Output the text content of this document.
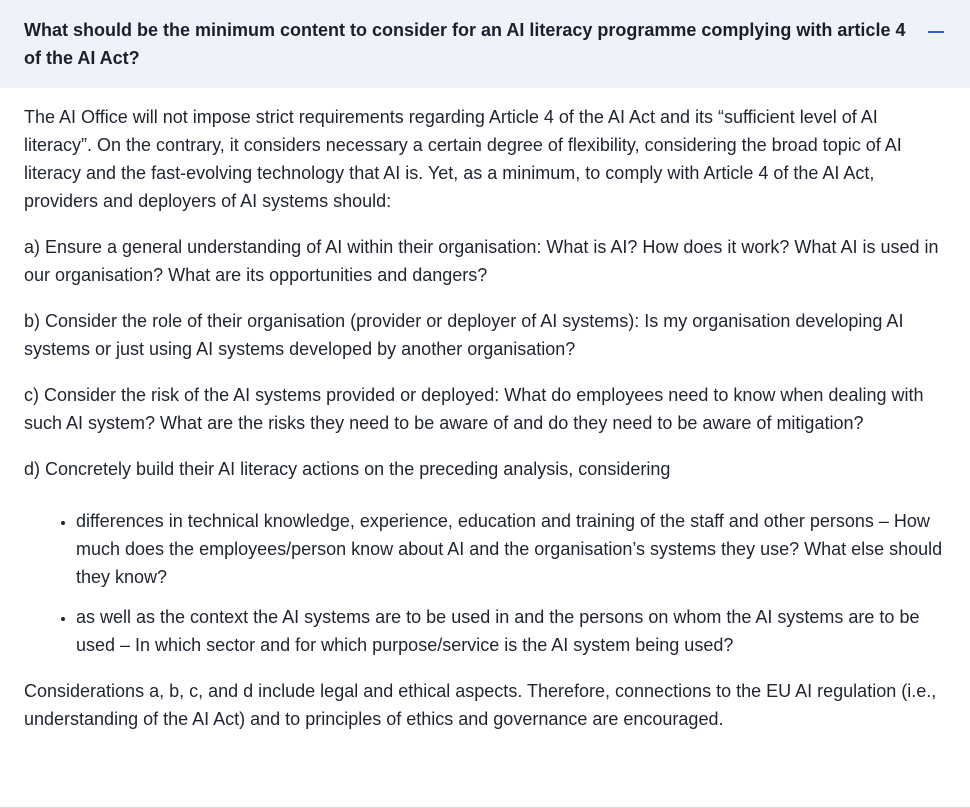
What should be the minimum content to consider for an AI literacy programme complying with article 4 of the AI Act?

The AI Office will not impose strict requirements regarding Article 4 of the AI Act and its “sufficient level of AI literacy”. On the contrary, it considers necessary a certain degree of flexibility, considering the broad topic of AI literacy and the fast-evolving technology that AI is. Yet, as a minimum, to comply with Article 4 of the AI Act, providers and deployers of AI systems should:

a) Ensure a general understanding of AI within their organisation: What is AI? How does it work? What AI is used in our organisation? What are its opportunities and dangers?

b) Consider the role of their organisation (provider or deployer of AI systems): Is my organisation developing AI systems or just using AI systems developed by another organisation?

c) Consider the risk of the AI systems provided or deployed: What do employees need to know when dealing with such AI system? What are the risks they need to be aware of and do they need to be aware of mitigation?

d) Concretely build their AI literacy actions on the preceding analysis, considering

• differences in technical knowledge, experience, education and training of the staff and other persons – How much does the employees/person know about AI and the organisation’s systems they use? What else should they know?
• as well as the context the AI systems are to be used in and the persons on whom the AI systems are to be used – In which sector and for which purpose/service is the AI system being used?

Considerations a, b, c, and d include legal and ethical aspects. Therefore, connections to the EU AI regulation (i.e., understanding of the AI Act) and to principles of ethics and governance are encouraged.
